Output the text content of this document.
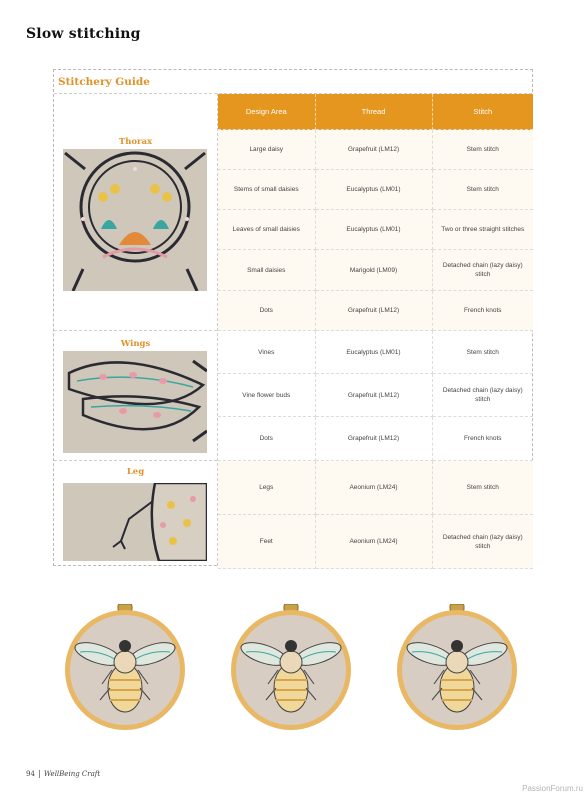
Slow stitching
Stitchery Guide
Thorax
Wings
Leg
Design Area	Thread	Stitch
Large daisy	Grapefruit (LM12)	Stem stitch
Stems of small daisies	Eucalyptus (LM01)	Stem stitch
Leaves of small daisies	Eucalyptus (LM01)	Two or three straight stitches
Small daisies	Marigold (LM09)	Detached chain (lazy daisy) stitch
Dots	Grapefruit (LM12)	French knots
Vines	Eucalyptus (LM01)	Stem stitch
Vine flower buds	Grapefruit (LM12)	Detached chain (lazy daisy) stitch
Dots	Grapefruit (LM12)	French knots
Legs	Aeonium (LM24)	Stem stitch
Feet	Aeonium (LM24)	Detached chain (lazy daisy) stitch
94 WellBeing Craft
PassionForum.ru
